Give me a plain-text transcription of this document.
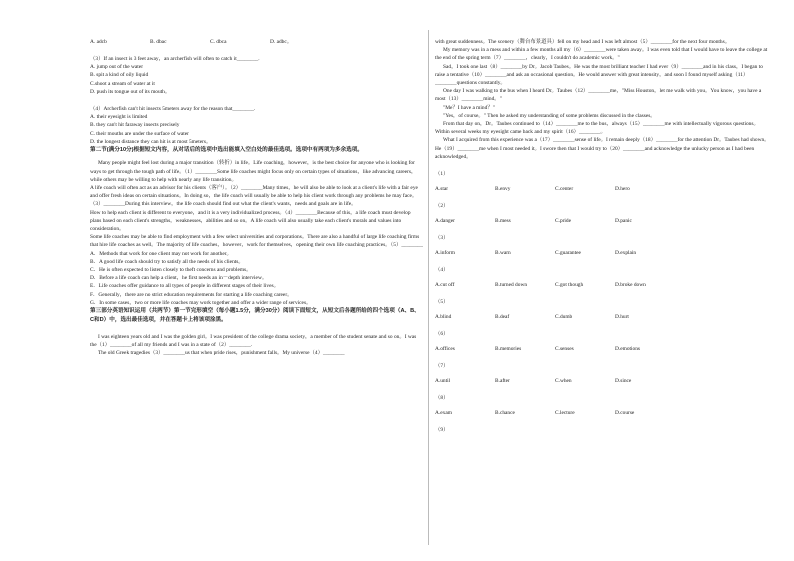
A. adcb	B. dbac	C. dbca	D. adbc。

（3）If an insect is 3 feet away，an archerfish will often to catch it________.

A. jump out of the water

B. spit a kind of oily liquid

C.shoot a stream of water at it

D. push its tongue out of its mouth。

（4）Archerfish can't hit insects 5meters away for the reason that________.

A. their eyesight is limited

B. they can't hit faraway insects precisely

C. their mouths are under the surface of water

D. the longest distance they can hit is at most 5meters。

第二节(满分10分)根据短文内容，从对话后的选项中选出能填入空白处的最佳选项。选项中有两项为多余选项。

Many people might feel lost during a major transition（转折）in life。Life coaching，however，is the best choice for anyone who is looking for ways to get through the tough path of life。（1）________Some life coaches might focus only on certain types of situations，like advancing careers，while others may be willing to help with nearly any life transition。

A life coach will often act as an advisor for his clients（客户）。（2）________Many times，he will also be able to look at a client's life with a fair eye and offer fresh ideas on certain situations。In doing so，the life coach will usually be able to help his client work through any problems he may face。

（3）________During this interview，the life coach should find out what the client's wants，needs and goals are in life。

How to help each client is different to everyone，and it is a very individualized process。（4）________Because of this，a life coach must develop plans based on each client's strengths，weaknesses，abilities and so on。A life coach will also usually take each client's morals and values into consideration。

Some life coaches may be able to find employment with a few select universities and corporations。There are also a handful of large life coaching firms that hire life coaches as well。The majority of life coaches，however，work for themselves，opening their own life coaching practices。（5）________

A．Methods that work for one client may not work for another。

B．A good life coach should try to satisfy all the needs of his clients。

C．He is often expected to listen closely to theft concerns and problems。

D．Before a life coach can help a client，he first needs an in－depth interview。

E．Life coaches offer guidance to all types of people in different stages of their lives。

F．Generally，there are no strict education requirements for starting a life coaching career。

G．In some cases，two or more life coaches may work together and offer a wider range of services。

第三部分英语知识运用（共两节）第一节完形填空（每小题1.5分，满分30分）阅读下面短文，从短文后各题所给的四个选项（A、B、C和D）中，选出最佳选项，并在答题卡上将该项涂黑。

I was eighteen years old and I was the golden girl。I was president of the college drama society，a member of the student senate and so on。I was the（1）________of all my friends and I was in a state of（2）________.

The old Greek tragedies（3）________us that when pride rises，punishment falls。My universe（4）________

with great suddenness。The scenery（舞台布景道具）fell on my head and I was left almost（5）________for the next four months。

My memory was in a mess and within a few months all my（6）________were taken away。I was even told that I would have to leave the college at the end of the spring term（7）________，clearly，I couldn't do academic work。"

Sad，I took one last（8）________by Dr。Jacob Taubes。He was the most brilliant teacher I had ever（9）________and in his class，I began to raise a tentative（10）________and ask an occasional question。He would answer with great intensity，and soon I found myself asking（11）________questions constantly。

One day I was walking to the bus when I heard Dr。Taubes（12）________me，"Miss Houston，let me walk with you。You know，you have a most（13）________mind。"

"Me？I have a mind？"

"Yes，of course。" Then he asked my understanding of some problems discussed in the classes。

From that day on，Dr。Taubes continued to（14）________me to the bus，always（15）________me with intellectually vigorous questions。Within several weeks my eyesight came back and my spirit（16）________。

What I acquired from this experience was a（17）________sense of life。I remain deeply（18）________for the attention Dr。Taubes had shown。He（19）________me when I most needed it。I swore then that I would try to（20）________and acknowledge the unlucky person as I had been acknowledged。

（1）
A.star	B.envy	C.center	D.hero
（2）
A.danger	B.mess	C.pride	D.panic
（3）
A.inform	B.warn	C.guarantee	D.explain
（4）
A.cut off	B.turned down	C.got though	D.broke down
（5）
A.blind	B.deaf	C.dumb	D.hurt
（6）
A.offices	B.memories	C.senses	D.emotions
（7）
A.until	B.after	C.when	D.since
（8）
A.exam	B.chance	C.lecture	D.course
（9）
